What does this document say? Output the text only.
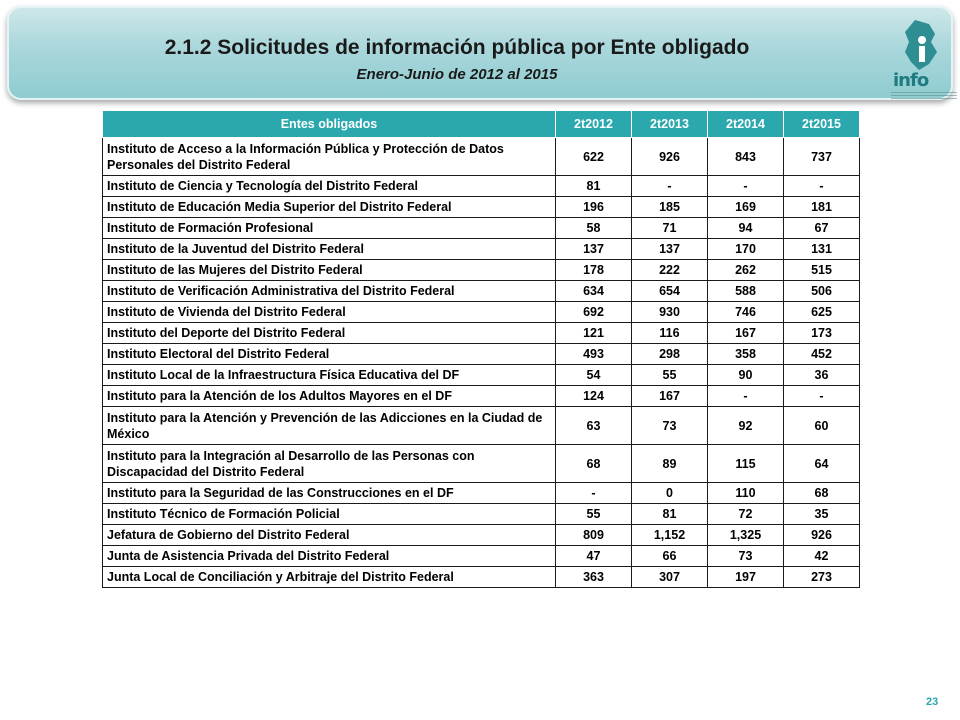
2.1.2 Solicitudes de información pública por Ente obligado
Enero-Junio de 2012 al 2015	info
Entes obligados	2t2012	2t2013	2t2014	2t2015
Instituto de Acceso a la Información Pública y Protección de Datos Personales del Distrito Federal	622	926	843	737
Instituto de Ciencia y Tecnología del Distrito Federal	81	-	-	-
Instituto de Educación Media Superior del Distrito Federal	196	185	169	181
Instituto de Formación Profesional	58	71	94	67
Instituto de la Juventud del Distrito Federal	137	137	170	131
Instituto de las Mujeres del Distrito Federal	178	222	262	515
Instituto de Verificación Administrativa del Distrito Federal	634	654	588	506
Instituto de Vivienda del Distrito Federal	692	930	746	625
Instituto del Deporte del Distrito Federal	121	116	167	173
Instituto Electoral del Distrito Federal	493	298	358	452
Instituto Local de la Infraestructura Física Educativa del DF	54	55	90	36
Instituto para la Atención de los Adultos Mayores en el DF	124	167	-	-
Instituto para la Atención y Prevención de las Adicciones en la Ciudad de México	63	73	92	60
Instituto para la Integración al Desarrollo de las Personas con Discapacidad del Distrito Federal	68	89	115	64
Instituto para la Seguridad de las Construcciones en el DF	-	0	110	68
Instituto Técnico de Formación Policial	55	81	72	35
Jefatura de Gobierno del Distrito Federal	809	1,152	1,325	926
Junta de Asistencia Privada del Distrito Federal	47	66	73	42
Junta Local de Conciliación y Arbitraje del Distrito Federal	363	307	197	273
23
